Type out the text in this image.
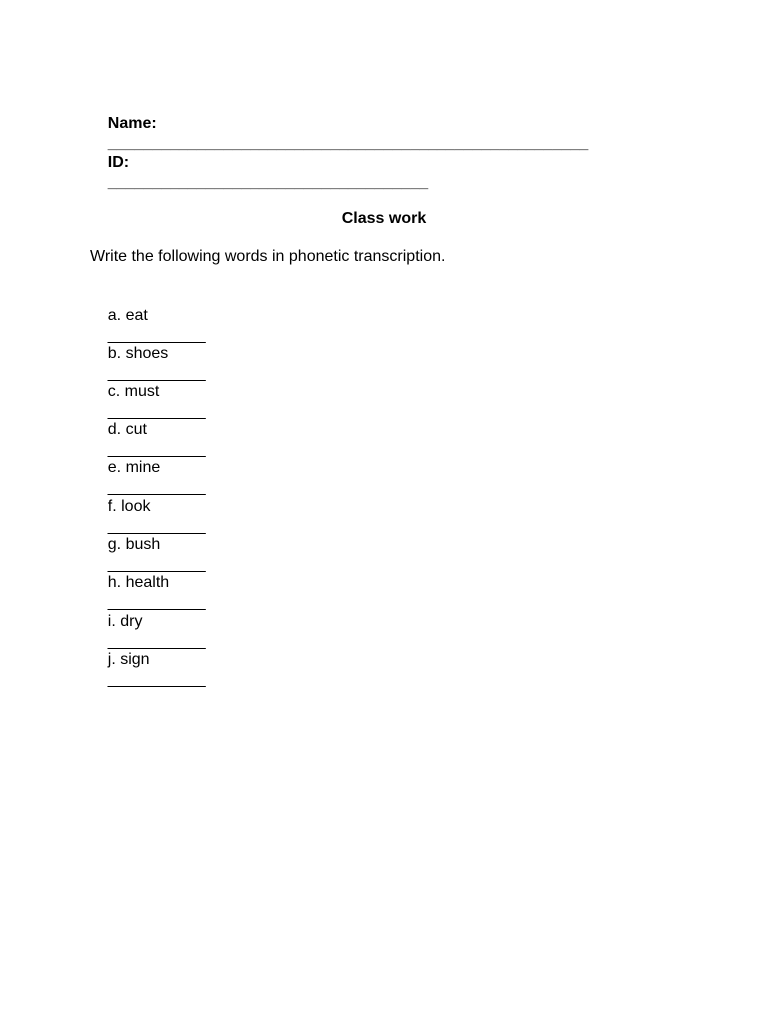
Name:
______________________________________________________

ID:
____________________________________

Class work
Write the following words in phonetic transcription.

a. eat
___________

b. shoes
___________

c. must
___________

d. cut
___________

e. mine
___________

f. look
___________

g. bush
___________

h. health
___________

i. dry
___________

j. sign
___________
